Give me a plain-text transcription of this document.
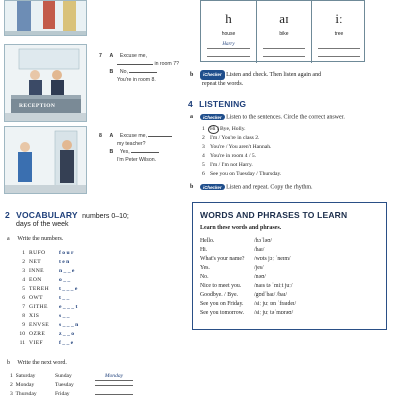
RECEPTION
7 A Excuse me,
in room 7?
B No,
You're in room 8.
8 A Excuse me,
my teacher?
B Yes,
I'm Peter Wilson.
2 VOCABULARY numbers 0–10;
days of the week
a Write the numbers.
1 RUFO f o u r
2 NET	t e n
3 INNE	n _ _ e
4 EON	o _ _
5 TEREH t _ _ _ e
6 OWT	t _ _
7 GITHE e _ _ _ t
8 XIS	s _ _
9 ENVSE s _ _ _ n
10 OZRE z _ _ o
11 VIEF	f _ _ e
b Write the next word.
1 Saturday	Sunday	Monday
2 Monday	Tuesday
3 Thursday	Friday
h
house
Harry
aɪ
bike
iː
tree
b iChecker Listen and check. Then listen again and
repeat the words.
4 LISTENING
a iChecker Listen to the sentences. Circle the correct answer.
1 Hi / Bye, Holly.
2 I'm / You're in class 2.
3 You're / You aren't Hannah.
4 You're in room 4 / 5.
5 I'm / I'm not Harry.
6 See you on Tuesday / Thursday.
b iChecker Listen and repeat. Copy the rhythm.
WORDS AND PHRASES TO LEARN
Learn these words and phrases.
Hello.	/hɔˈləʊ/
Hi.	/haɪ/
What's your name? /wɒts jɔː ˈneɪm/
Yes.	/jes/
No.	/nəʊ/
Nice to meet you. /naɪs tə ˈmiːt juː/
Goodbye. / Bye.	/gʊdˈbaɪ/ /baɪ/
See you on Friday. /siː juː ɒn ˈfraɪdeɪ/
See you tomorrow. /siː juː təˈmɒrəʊ/
